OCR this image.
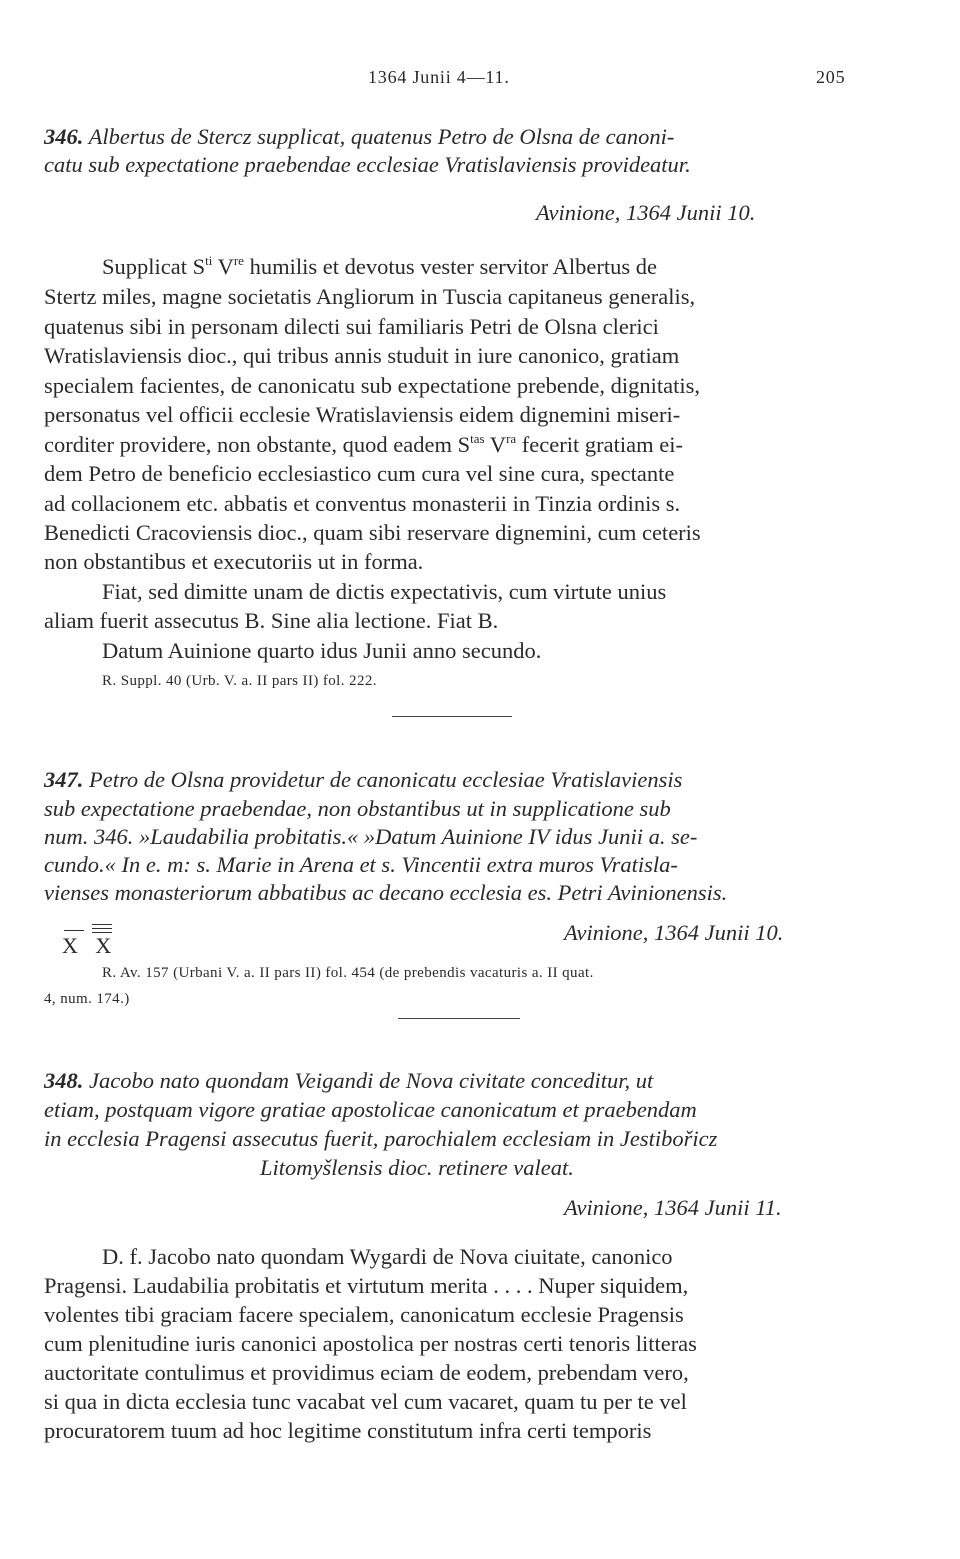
1364 Junii 4—11.	205
346. Albertus de Stercz supplicat, quatenus Petro de Olsna de canoni-
catu sub expectatione praebendae ecclesiae Vratislaviensis provideatur.
Avinione, 1364 Junii 10.
Supplicat $S^{ti}$ Vre humilis et devotus vester servitor Albertus de
Stertz miles, magne societatis Angliorum in Tuscia capitaneus generalis,
quatenus sibi in personam dilecti sui familiaris Petri de Olsna clerici
Wratislaviensis dioc., qui tribus annis studuit in iure canonico, gratiam
specialem facientes, de canonicatu sub expectatione prebende, dignitatis,
personatus vel officii ecclesie Wratislaviensis eidem dignemini miseri-
corditer providere, non obstante, quod eadem $S^{tas}$ $V^{ra}$ fecerit gratiam ei-
dem Petro de beneficio ecclesiastico cum cura vel sine cura, spectante
ad collacionem etc. abbatis et conventus monasterii in Tinzia ordinis s.
Benedicti Cracoviensis dioc., quam sibi reservare dignemini, cum ceteris
non obstantibus et executoriis ut in forma.
Fiat, sed dimitte unam de dictis expectativis, cum virtute unius
aliam fuerit assecutus B. Sine alia lectione. Fiat B.
Datum Auinione quarto idus Junii anno secundo.
R. Suppl. 40 (Urb. V. a. II pars II) fol. 222.
347. Petro de Olsna providetur de canonicatu ecclesiae Vratislaviensis
sub expectatione praebendae, non obstantibus ut in supplicatione sub
num. 346. »Laudabilia probitatis.« »Datum Auinione IV idus Junii a. se-
cundo.« In e. m: s. Marie in Arena et s. Vincentii extra muros Vratisla-
vienses monasteriorum abbatibus ac decano ecclesia es. Petri Avinionensis.
X X
Avinione, 1364 Junii 10.
R. Av. 157 (Urbani V. a. II pars II) fol. 454 (de prebendis vacaturis a. II quat.
4, num. 174.)
348. Jacobo nato quondam Veigandi de Nova civitate conceditur, ut
etiam, postquam vigore gratiae apostolicae canonicatum et praebendam
in ecclesia Pragensi assecutus fuerit, parochialem ecclesiam in Jestibořicz
Litomyšlensis dioc. retinere valeat.
Avinione, 1364 Junii 11.
D. f. Jacobo nato quondam Wygardi de Nova ciuitate, canonico
Pragensi. Laudabilia probitatis et virtutum merita . . . . Nuper siquidem,
volentes tibi graciam facere specialem, canonicatum ecclesie Pragensis
cum plenitudine iuris canonici apostolica per nostras certi tenoris litteras
auctoritate contulimus et providimus eciam de eodem, prebendam vero,
si qua in dicta ecclesia tunc vacabat vel cum vacaret, quam tu per te vel
procuratorem tuum ad hoc legitime constitutum infra certi temporis
